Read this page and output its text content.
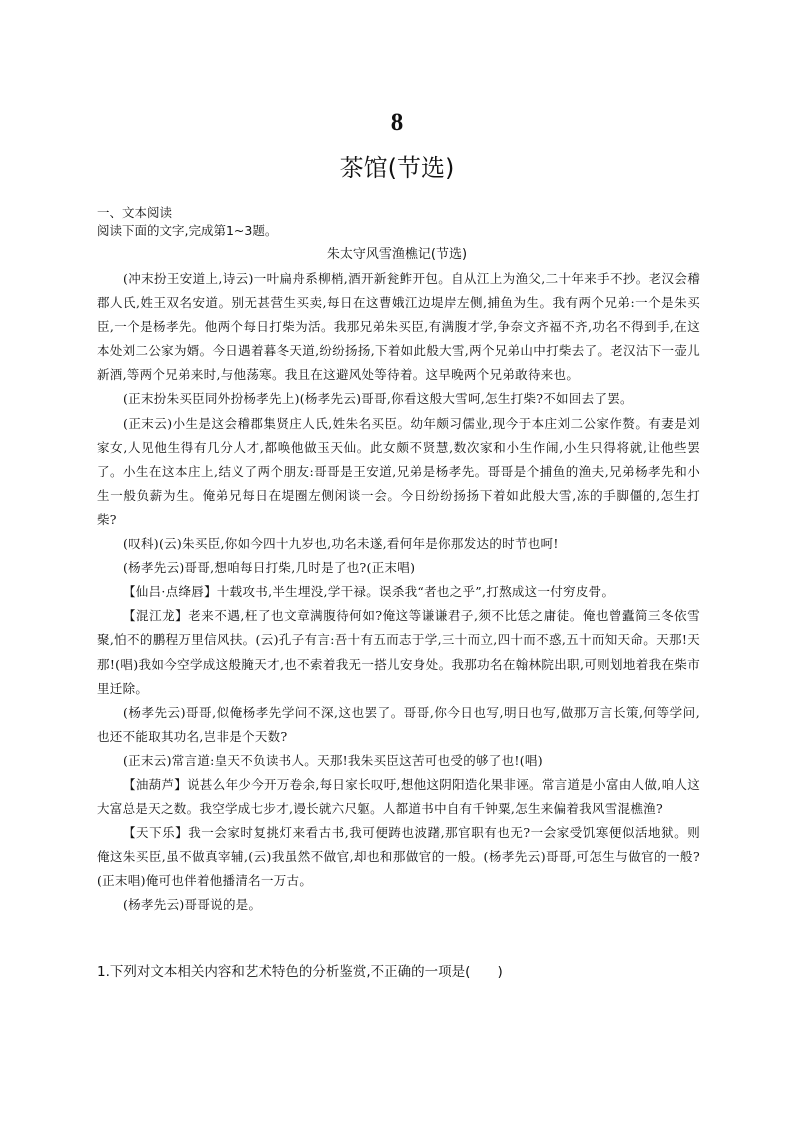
8
茶馆(节选)
一、文本阅读
阅读下面的文字,完成第1~3题。
朱太守风雪渔樵记(节选)

(冲末扮王安道上,诗云)一叶扁舟系柳梢,酒开新瓮鲊开包。自从江上为渔父,二十年来手不抄。老汉会稽郡人氏,姓王双名安道。别无甚营生买卖,每日在这曹娥江边堤岸左侧,捕鱼为生。我有两个兄弟:一个是朱买臣,一个是杨孝先。他两个每日打柴为活。我那兄弟朱买臣,有满腹才学,争奈文齐福不齐,功名不得到手,在这本处刘二公家为婿。今日遇着暮冬天道,纷纷扬扬,下着如此般大雪,两个兄弟山中打柴去了。老汉沽下一壶儿新酒,等两个兄弟来时,与他荡寒。我且在这避风处等待着。这早晚两个兄弟敢待来也。

(正末扮朱买臣同外扮杨孝先上)(杨孝先云)哥哥,你看这般大雪呵,怎生打柴?不如回去了罢。

(正末云)小生是这会稽郡集贤庄人氏,姓朱名买臣。幼年颇习儒业,现今于本庄刘二公家作赘。有妻是刘家女,人见他生得有几分人才,都唤他做玉天仙。此女颇不贤慧,数次家和小生作闹,小生只得将就,让他些罢了。小生在这本庄上,结义了两个朋友:哥哥是王安道,兄弟是杨孝先。哥哥是个捕鱼的渔夫,兄弟杨孝先和小生一般负薪为生。俺弟兄每日在堤圈左侧闲谈一会。今日纷纷扬扬下着如此般大雪,冻的手脚僵的,怎生打柴?

(叹科)(云)朱买臣,你如今四十九岁也,功名未遂,看何年是你那发达的时节也呵!

(杨孝先云)哥哥,想咱每日打柴,几时是了也?(正末唱)

【仙吕·点绛唇】十载攻书,半生埋没,学干禄。误杀我“者也之乎”,打熬成这一付穷皮骨。

【混江龙】老来不遇,枉了也文章满腹待何如?俺这等谦谦君子,须不比恁之庸徒。俺也曾蠹简三冬依雪聚,怕不的鹏程万里信风扶。(云)孔子有言:吾十有五而志于学,三十而立,四十而不惑,五十而知天命。天那!天那!(唱)我如今空学成这般腌天才,也不索着我无一搭儿安身处。我那功名在翰林院出职,可则划地着我在柴市里迁除。

(杨孝先云)哥哥,似俺杨孝先学问不深,这也罢了。哥哥,你今日也写,明日也写,做那万言长策,何等学问,也还不能取其功名,岂非是个天数?

(正末云)常言道:皇天不负读书人。天那!我朱买臣这苦可也受的够了也!(唱)

【油葫芦】说甚么年少今开万卷余,每日家长叹吁,想他这阴阳造化果非诬。常言道是小富由人做,咱人这大富总是天之数。我空学成七步才,谩长就六尺躯。人都道书中自有千钟粟,怎生来偏着我风雪混樵渔?

【天下乐】我一会家时复挑灯来看古书,我可便踌也波躇,那官职有也无?一会家受饥寒便似活地狱。则俺这朱买臣,虽不做真宰辅,(云)我虽然不做官,却也和那做官的一般。(杨孝先云)哥哥,可怎生与做官的一般?(正末唱)俺可也伴着他播清名一万古。

(杨孝先云)哥哥说的是。

1.下列对文本相关内容和艺术特色的分析鉴赏,不正确的一项是(　　)
